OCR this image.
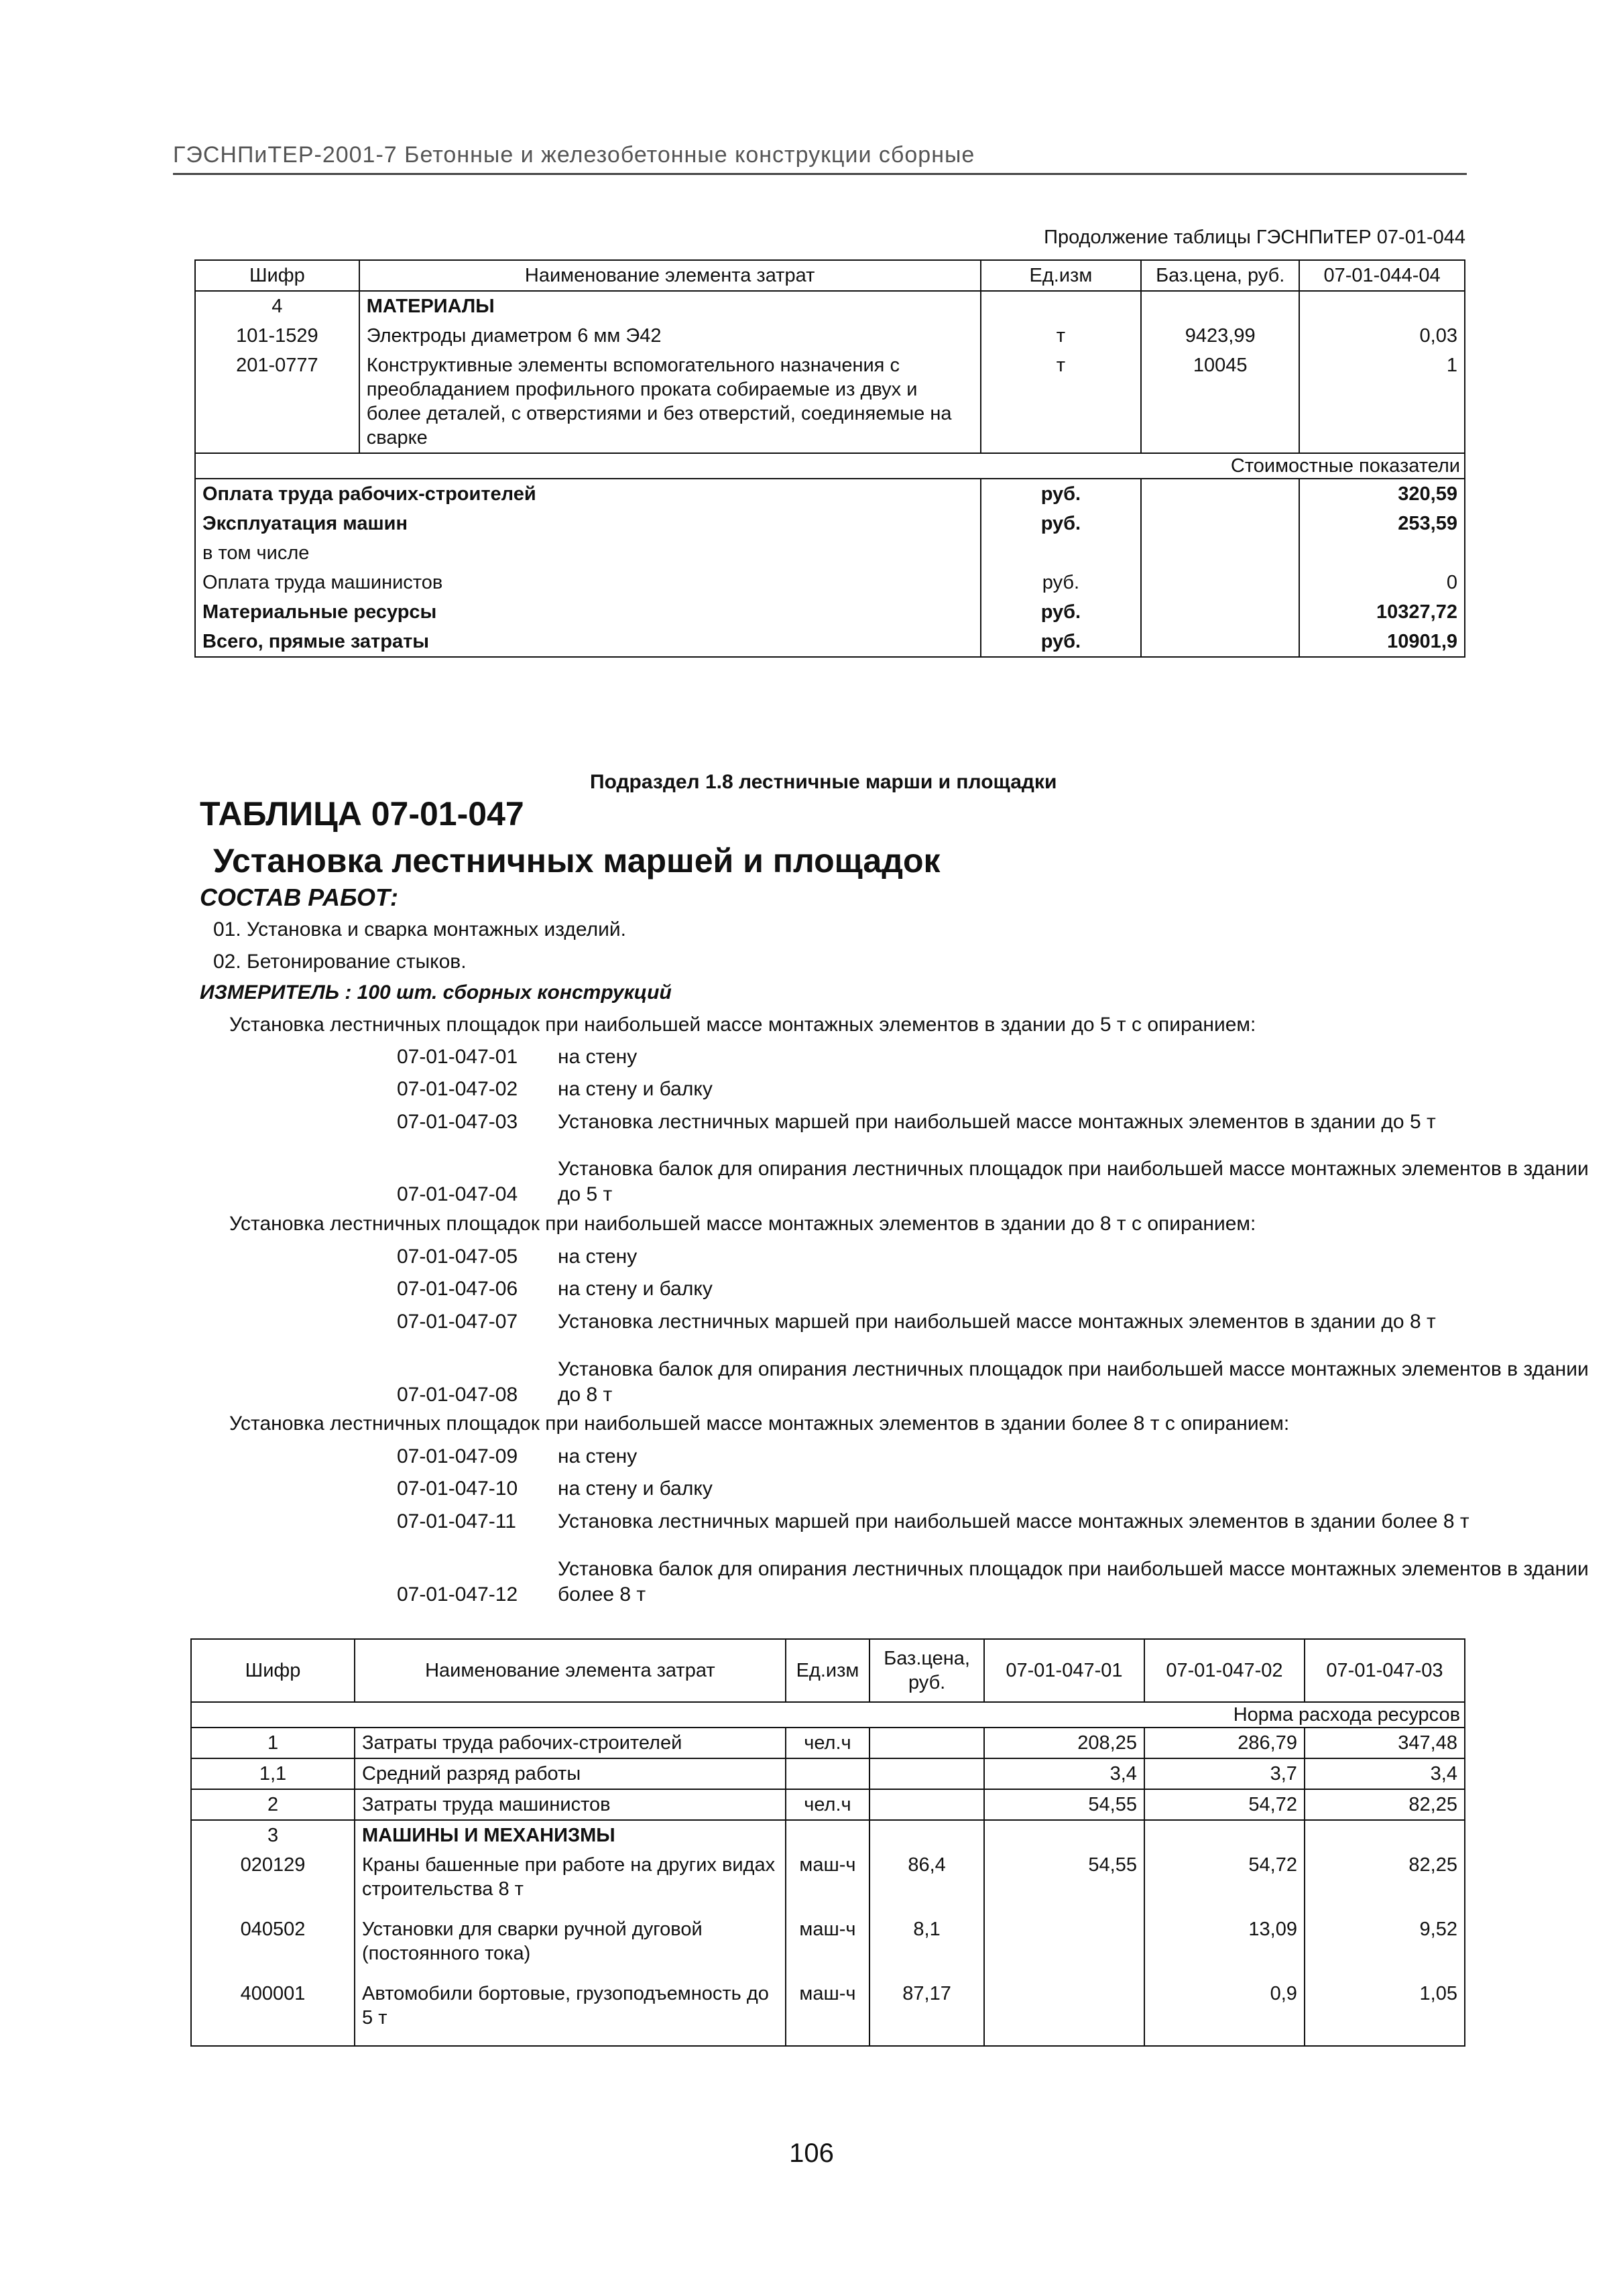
ГЭСНПиТЕР-2001-7 Бетонные и железобетонные конструкции сборные
Продолжение таблицы ГЭСНПиТЕР 07-01-044
Шифр	Наименование элемента затрат	Ед.изм	Баз.цена, руб.	07-01-044-04
4	МАТЕРИАЛЫ			
101-1529	Электроды диаметром 6 мм Э42	т	9423,99	0,03
201-0777	Конструктивные элементы вспомогательного назначения с преобладанием профильного проката собираемые из двух и более деталей, с отверстиями и без отверстий, соединяемые на сварке	т	10045	1
Стоимостные показатели				
Оплата труда рабочих-строителей		руб.		320,59
Эксплуатация машин		руб.		253,59
в том числе				
Оплата труда машинистов		руб.		0
Материальные ресурсы		руб.		10327,72
Всего, прямые затраты		руб.		10901,9
Подраздел 1.8 лестничные марши и площадки
ТАБЛИЦА 07-01-047
Установка лестничных маршей и площадок
СОСТАВ РАБОТ:
01. Установка и сварка монтажных изделий.
02. Бетонирование стыков.
ИЗМЕРИТЕЛЬ : 100 шт. сборных конструкций
Установка лестничных площадок при наибольшей массе монтажных элементов в здании до 5 т с опиранием:
07-01-047-01	на стену
07-01-047-02	на стену и балку
07-01-047-03	Установка лестничных маршей при наибольшей массе монтажных элементов в здании до 5 т
Установка балок для опирания лестничных площадок при наибольшей массе монтажных элементов в здании
07-01-047-04	до 5 т
Установка лестничных площадок при наибольшей массе монтажных элементов в здании до 8 т с опиранием:
07-01-047-05	на стену
07-01-047-06	на стену и балку
07-01-047-07	Установка лестничных маршей при наибольшей массе монтажных элементов в здании до 8 т
Установка балок для опирания лестничных площадок при наибольшей массе монтажных элементов в здании
07-01-047-08	до 8 т
Установка лестничных площадок при наибольшей массе монтажных элементов в здании более 8 т с опиранием:
07-01-047-09	на стену
07-01-047-10	на стену и балку
07-01-047-11	Установка лестничных маршей при наибольшей массе монтажных элементов в здании более 8 т
Установка балок для опирания лестничных площадок при наибольшей массе монтажных элементов в здании
07-01-047-12	более 8 т
Шифр	Наименование элемента затрат	Ед.изм	Баз.цена, руб.	07-01-047-01	07-01-047-02	07-01-047-03
Норма расхода ресурсов						
1	Затраты труда рабочих-строителей	чел.ч		208,25	286,79	347,48
1,1	Средний разряд работы			3,4	3,7	3,4
2	Затраты труда машинистов	чел.ч		54,55	54,72	82,25
3	МАШИНЫ И МЕХАНИЗМЫ					
020129	Краны башенные при работе на других видах строительства 8 т	маш-ч	86,4	54,55	54,72	82,25
040502	Установки для сварки ручной дуговой (постоянного тока)	маш-ч	8,1		13,09	9,52
400001	Автомобили бортовые, грузоподъемность до 5 т	маш-ч	87,17		0,9	1,05
106
